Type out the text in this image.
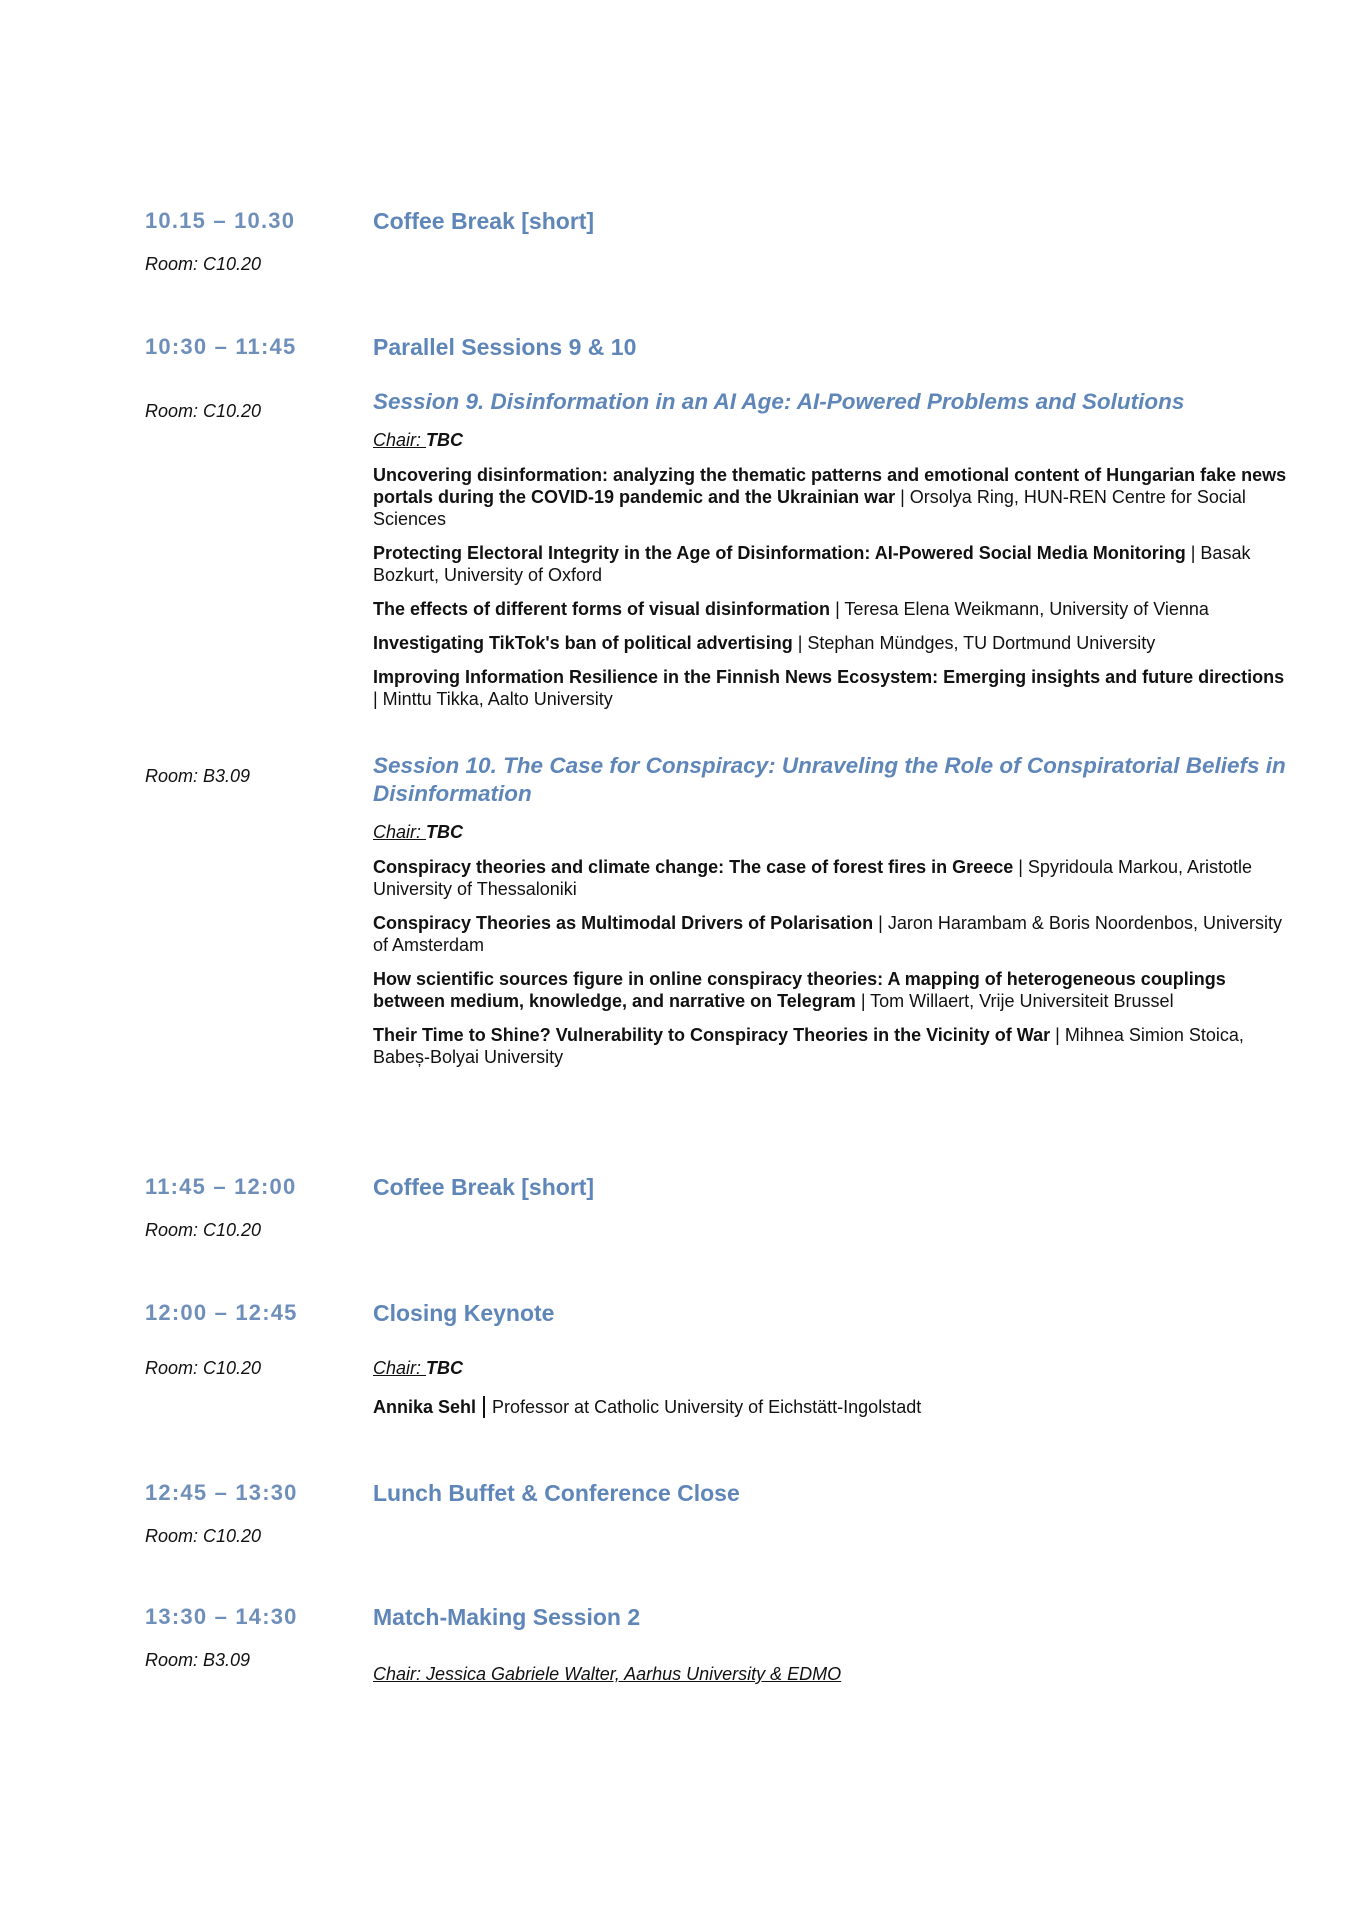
10.15 – 10.30	Coffee Break [short]
Room: C10.20
10:30 – 11:45	Parallel Sessions 9 & 10
Room: C10.20	Session 9. Disinformation in an AI Age: AI-Powered Problems and Solutions
Chair: TBC
Uncovering disinformation: analyzing the thematic patterns and emotional content of Hungarian fake news portals during the COVID-19 pandemic and the Ukrainian war | Orsolya Ring, HUN-REN Centre for Social Sciences
Protecting Electoral Integrity in the Age of Disinformation: AI-Powered Social Media Monitoring | Basak Bozkurt, University of Oxford
The effects of different forms of visual disinformation | Teresa Elena Weikmann, University of Vienna
Investigating TikTok's ban of political advertising | Stephan Mündges, TU Dortmund University
Improving Information Resilience in the Finnish News Ecosystem: Emerging insights and future directions | Minttu Tikka, Aalto University
Room: B3.09	Session 10. The Case for Conspiracy: Unraveling the Role of Conspiratorial Beliefs in Disinformation
Chair: TBC
Conspiracy theories and climate change: The case of forest fires in Greece | Spyridoula Markou, Aristotle University of Thessaloniki
Conspiracy Theories as Multimodal Drivers of Polarisation | Jaron Harambam & Boris Noordenbos, University of Amsterdam
How scientific sources figure in online conspiracy theories: A mapping of heterogeneous couplings between medium, knowledge, and narrative on Telegram | Tom Willaert, Vrije Universiteit Brussel
Their Time to Shine? Vulnerability to Conspiracy Theories in the Vicinity of War | Mihnea Simion Stoica, Babeș-Bolyai University
11:45 – 12:00	Coffee Break [short]
Room: C10.20
12:00 – 12:45	Closing Keynote
Room: C10.20	Chair: TBC
Annika Sehl Professor at Catholic University of Eichstätt-Ingolstadt
12:45 – 13:30	Lunch Buffet & Conference Close
Room: C10.20
13:30 – 14:30	Match-Making Session 2
Room: B3.09
Chair: Jessica Gabriele Walter, Aarhus University & EDMO
